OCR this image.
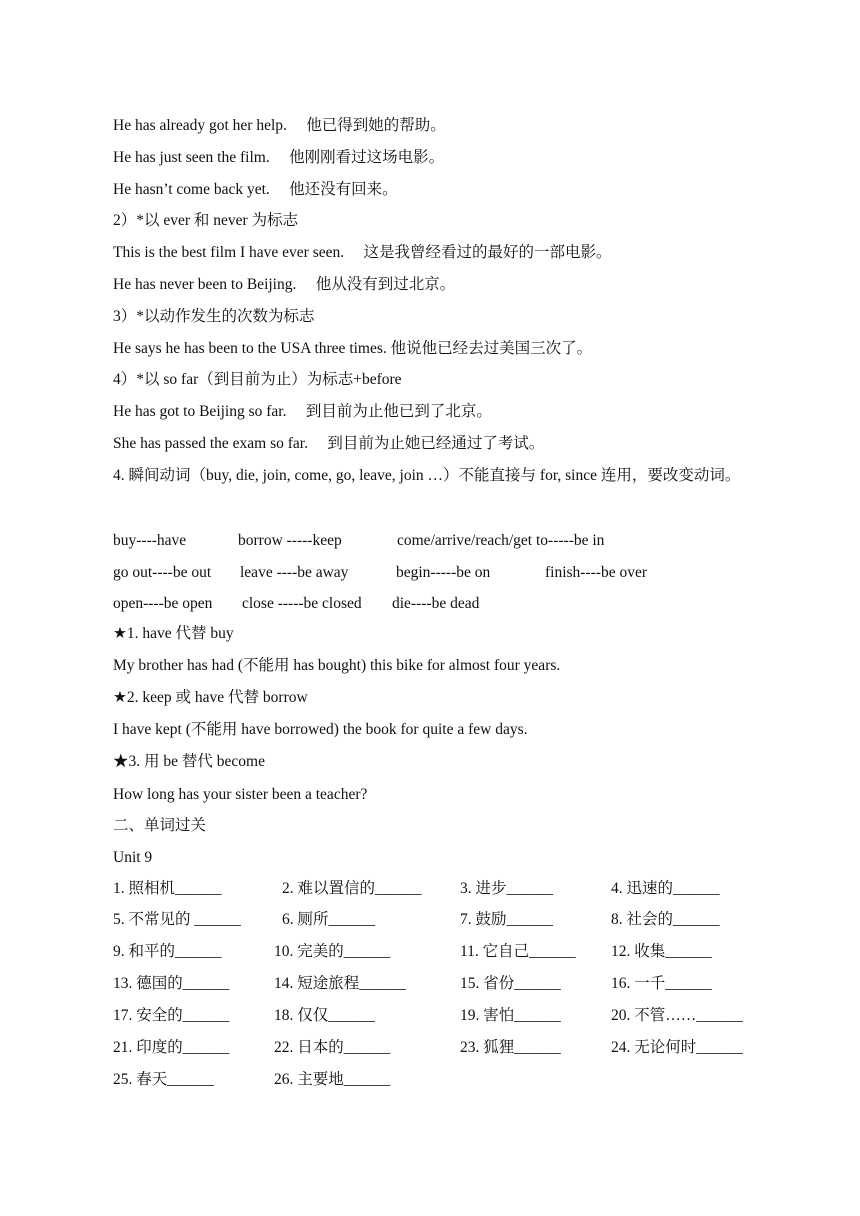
He has already got her help.　 他已得到她的帮助。
He has just seen the film.　 他刚刚看过这场电影。
He hasn’t come back yet.　 他还没有回来。
2）*以 ever 和 never 为标志
This is the best film I have ever seen.　 这是我曾经看过的最好的一部电影。
He has never been to Beijing.　 他从没有到过北京。
3）*以动作发生的次数为标志
He says he has been to the USA three times. 他说他已经去过美国三次了。
4）*以 so far（到目前为止）为标志+before
He has got to Beijing so far.　 到目前为止他已到了北京。
She has passed the exam so far.　 到目前为止她已经通过了考试。
4. 瞬间动词（buy, die, join, come, go, leave, join …）不能直接与 for, since 连用，要改变动词。
buy----have	borrow -----keep	come/arrive/reach/get to-----be in
go out----be out leave ----be away	begin-----be on	finish----be over
open----be open close -----be closed die----be dead
★1. have 代替 buy
My brother has had (不能用 has bought) this bike for almost four years.
★2. keep 或 have 代替 borrow
I have kept (不能用 have borrowed) the book for quite a few days.
★3. 用 be 替代 become
How long has your sister been a teacher?
二、单词过关
Unit 9
1. 照相机______	2. 难以置信的______ 3. 进步______	4. 迅速的______
5. 不常见的 ______	6. 厕所______	7. 鼓励______	8. 社会的______
9. 和平的______	10. 完美的______	11. 它自己______ 12. 收集______
13. 德国的______	14. 短途旅程______	15. 省份______	16. 一千______
17. 安全的______	18. 仅仅______	19. 害怕______	20. 不管……______
21. 印度的______	22. 日本的______	23. 狐狸______	24. 无论何时______
25. 春天______	26. 主要地______
